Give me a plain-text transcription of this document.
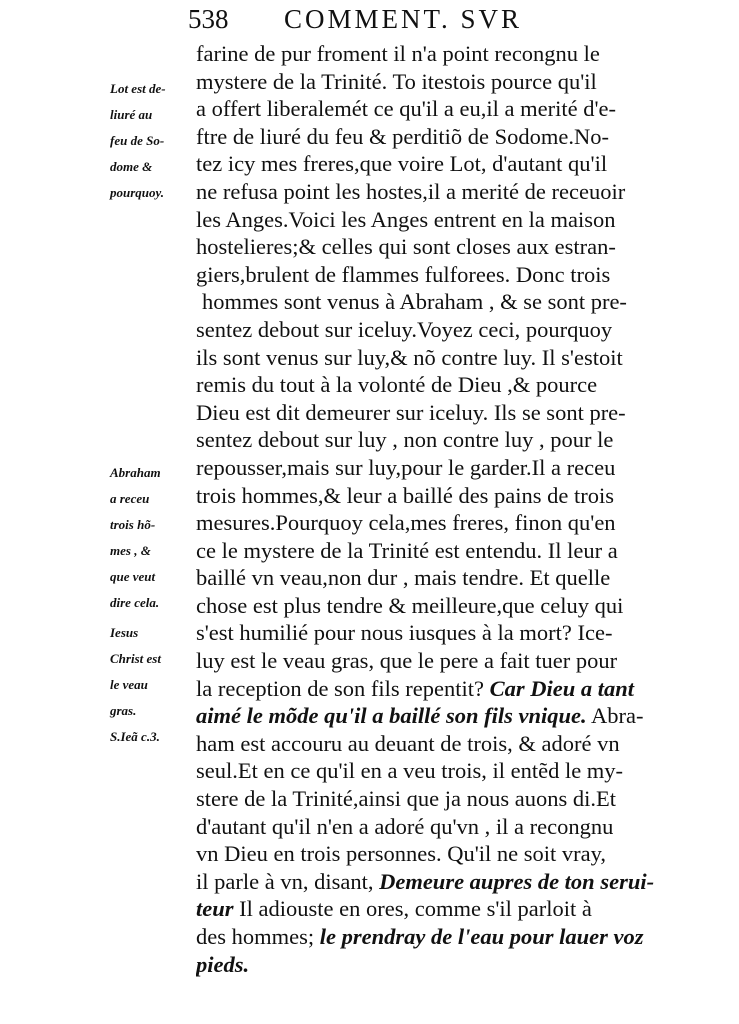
538 COMMENT. SVR
farine de pur froment il n'a point recongnu le
mystere de la Trinité. To itestois pource qu'il
a offert liberalemét ce qu'il a eu,il a merité d'e-
ftre de liuré du feu & perditiõ de Sodome.No-
tez icy mes freres,que voire Lot, d'autant qu'il
ne refusa point les hostes,il a merité de receuoir
les Anges.Voici les Anges entrent en la maison
hostelieres;& celles qui sont closes aux estran-
giers,brulent de flammes fulforees. Donc trois
hommes sont venus à Abraham , & se sont pre-
sentez debout sur iceluy.Voyez ceci, pourquoy
ils sont venus sur luy,& nõ contre luy. Il s'estoit
remis du tout à la volonté de Dieu ,& pource
Dieu est dit demeurer sur iceluy. Ils se sont pre-
sentez debout sur luy , non contre luy , pour le
repousser,mais sur luy,pour le garder.Il a receu
trois hommes,& leur a baillé des pains de trois
mesures.Pourquoy cela,mes freres, finon qu'en
ce le mystere de la Trinité est entendu. Il leur a
baillé vn veau,non dur , mais tendre. Et quelle
chose est plus tendre & meilleure,que celuy qui
s'est humilié pour nous iusques à la mort? Ice-
luy est le veau gras, que le pere a fait tuer pour
la reception de son fils repentit? Car Dieu a tant
aimé le mõde qu'il a baillé son fils vnique. Abra-
ham est accouru au deuant de trois, & adoré vn
seul.Et en ce qu'il en a veu trois, il entẽd le my-
stere de la Trinité,ainsi que ja nous auons di.Et
d'autant qu'il n'en a adoré qu'vn , il a recongnu
vn Dieu en trois personnes. Qu'il ne soit vray,
il parle à vn, disant, Demeure aupres de ton serui-
teur Il adiouste en ores, comme s'il parloit à
des hommes; le prendray de l'eau pour lauer voz
pieds.
Lot est de-
liuré au
feu de So-
dome &
pourquoy.
Abraham
a receu
trois hõ-
mes , &
que veut
dire cela.
Iesus
Christ est
le veau
gras.
S.Ieã c.3.
